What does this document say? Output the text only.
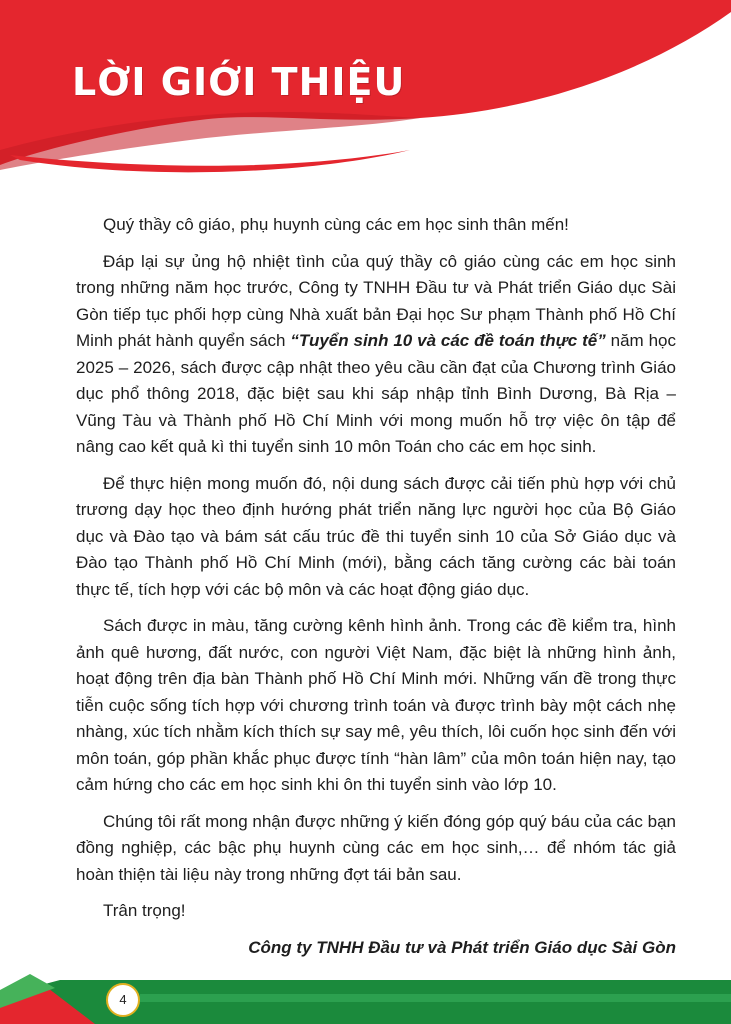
LỜI GIỚI THIỆU

Quý thầy cô giáo, phụ huynh cùng các em học sinh thân mến!

Đáp lại sự ủng hộ nhiệt tình của quý thầy cô giáo cùng các em học sinh trong những năm học trước, Công ty TNHH Đầu tư và Phát triển Giáo dục Sài Gòn tiếp tục phối hợp cùng Nhà xuất bản Đại học Sư phạm Thành phố Hồ Chí Minh phát hành quyển sách “Tuyển sinh 10 và các đề toán thực tế” năm học 2025 – 2026, sách được cập nhật theo yêu cầu cần đạt của Chương trình Giáo dục phổ thông 2018, đặc biệt sau khi sáp nhập tỉnh Bình Dương, Bà Rịa – Vũng Tàu và Thành phố Hồ Chí Minh với mong muốn hỗ trợ việc ôn tập để nâng cao kết quả kì thi tuyển sinh 10 môn Toán cho các em học sinh.

Để thực hiện mong muốn đó, nội dung sách được cải tiến phù hợp với chủ trương dạy học theo định hướng phát triển năng lực người học của Bộ Giáo dục và Đào tạo và bám sát cấu trúc đề thi tuyển sinh 10 của Sở Giáo dục và Đào tạo Thành phố Hồ Chí Minh (mới), bằng cách tăng cường các bài toán thực tế, tích hợp với các bộ môn và các hoạt động giáo dục.

Sách được in màu, tăng cường kênh hình ảnh. Trong các đề kiểm tra, hình ảnh quê hương, đất nước, con người Việt Nam, đặc biệt là những hình ảnh, hoạt động trên địa bàn Thành phố Hồ Chí Minh mới. Những vấn đề trong thực tiễn cuộc sống tích hợp với chương trình toán và được trình bày một cách nhẹ nhàng, xúc tích nhằm kích thích sự say mê, yêu thích, lôi cuốn học sinh đến với môn toán, góp phần khắc phục được tính “hàn lâm” của môn toán hiện nay, tạo cảm hứng cho các em học sinh khi ôn thi tuyển sinh vào lớp 10.

Chúng tôi rất mong nhận được những ý kiến đóng góp quý báu của các bạn đồng nghiệp, các bậc phụ huynh cùng các em học sinh,… để nhóm tác giả hoàn thiện tài liệu này trong những đợt tái bản sau.

Trân trọng!

Công ty TNHH Đầu tư và Phát triển Giáo dục Sài Gòn

4
